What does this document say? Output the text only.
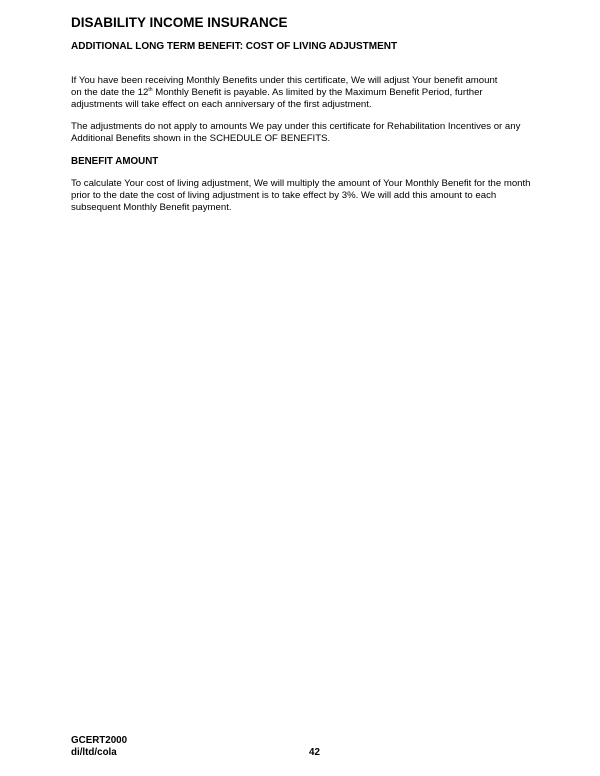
DISABILITY INCOME INSURANCE
ADDITIONAL LONG TERM BENEFIT: COST OF LIVING ADJUSTMENT

If You have been receiving Monthly Benefits under this certificate, We will adjust Your benefit amount
on the date the 12th Monthly Benefit is payable. As limited by the Maximum Benefit Period, further
adjustments will take effect on each anniversary of the first adjustment.

The adjustments do not apply to amounts We pay under this certificate for Rehabilitation Incentives or any
Additional Benefits shown in the SCHEDULE OF BENEFITS.

BENEFIT AMOUNT

To calculate Your cost of living adjustment, We will multiply the amount of Your Monthly Benefit for the month
prior to the date the cost of living adjustment is to take effect by 3%. We will add this amount to each
subsequent Monthly Benefit payment.

GCERT2000
di/ltd/cola	42
